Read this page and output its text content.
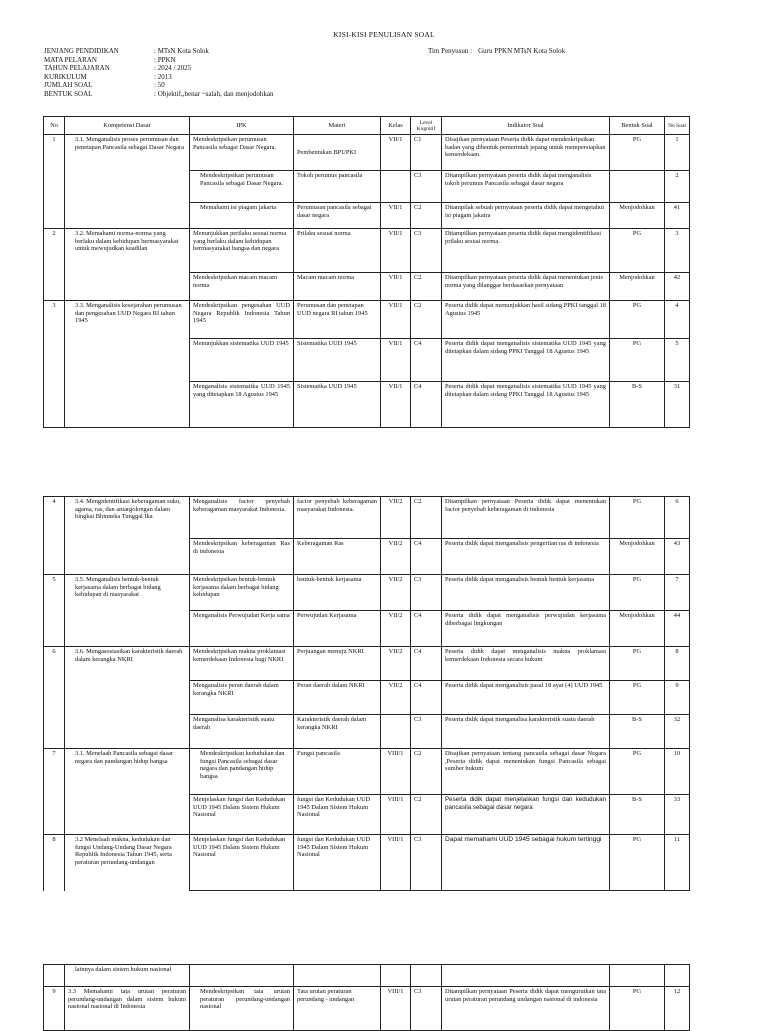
KISI-KISI PENULISAN SOAL
JENJANG PENDIDIKAN	: MTsN Kota Solok
MATA PELARAN	: PPKN
TAHUN PELAJARAN	: 2024 / 2025
KURIKULUM	: 2013
JUMLAH SOAL	: 50
BENTUK SOAL	: Objektif,,benar ~salah, dan menjodohkan
Tim Penyusun : Guru PPKN MTsN Kota Solok
No	Kompetensi Dasar	IPK	Materi	Kelas	Level Kognitif	Indikator Soal	Bentuk Soal	No Soal
1	3.1. Menganalisis proses perumusan dan penetapan Pancasila sebagai Dasar Negara	Mendeskripsikan perumusan Pancasila sebagai Dasar Negara.	Pembentukan BPUPKI	VII/1	C1	Disajikan pernyataan Peserta didik dapat mendeskripsikan badan yang dibentuk pemerintah jepang untuk mempersiapkan kemerdekaan.	PG	1
		Mendeskripsikan perumusan Pancasila sebagai Dasar Negara.	Tokoh perumus pancasila		C3	Ditampilkan pernyataan peserta didik dapat menganalisis tokoh perumus Pancasila sebagai dasar negara		2
		Memahami isi piagam jakarta	Perumusan pancasila sebagai dasar negara	VII/1	C2	Ditampilak sebuah pernyataan peserta didik dapat mengetahui isi piagam jakatra	Menjodohkan	41
2	3.2. Memahami norma-norma yang berlaku dalam kehidupan bermasyarakat untuk mewujudkan keadilan	Menunjukkan perilaku sesuai norma yang berlaku dalam kehidupan bermasyarakat bangsa dan negara	Prilaku sesuai norma	VII/1	C3	Ditampilkan pernyataan peserta didik dapat mengidentifikasi prilaku sesuai norma.	PG	3
		Mendeskripsikan macam macam norma	Macam macam norma	VII/1	C2	Ditampilkan pernyataan peserta didik dapat menentukan jenis norma yang dilanggar berdasarkan pernyataan	Menjodohkan	42
3	3.3. Menganalisis kesejarahan perumusan dan pengesahan UUD Negara RI tahun 1945	Mendeskripsikan pengesahan UUD Negara Republik Indonesia Tahun 1945	Perumusan dan penetapan UUD negara RI tahun 1945	VII/1	C2	Peserta didik dapat menunjukkan hasil sidang PPKI tanggal 18 Agustus 1945	PG	4
		Menunjukkan sistematika UUD 1945	Sistematika UUD 1945	VII/1	C4	Peserta didik dapat menganalisis sistematika UUD 1945 yang ditetapkan dalam sidang PPKI Tanggal 18 Agustus 1945	PG	5
		Menganalisis sistematika UUD 1945 yang ditetapkan 18 Agustus 1945	Sistematika UUD 1945	VII/1	C4	Peserta didik dapat menganalisis sistematika UUD 1945 yang ditetapkan dalam sidang PPKI Tanggal 18 Agustus 1945	B-S	31
4	3.4. Mengidentifikasi keberagaman suku, agama, ras, dan antargolongan dalam bingkai Bhinneka Tunggal Ika	Menganalisis factor penyebab keberagaman masyarakat Indonesia.	factor penyebab keberagaman masyarakat Indonesia.	VII/2	C2	Ditampilkan pernyataan Peserta didik dapat menentukan factor penyebab keberagaman di indonesia	PG	6
		Mendeskripsikan keberagaman Ras di indonesia	Keberagaman Ras	VII/2	C4	Peserta didik dapat menganalisis pengertian ras di indonesia	Menjodohkan	43
5	3.5. Menganalisis bentuk-bentuk kerjasama dalam berbagai bidang kehidupan di masyarakat	Mendeskripsikan bentuk-bentuk kerjasama dalam berbagai bidang kehidupan	bentuk-bentuk kerjasama	VII/2	C3	Peserta didik dapat menganalisis bentuk bentuk kerjasama	PG	7
		Menganalisis Perwujudan Kerja sama	Perwujudan Kerjasama	VII/2	C4	Peserta didik dapat menganalisis perwujudan kerjasama diberbagai lingkungan	Menjodohkan	44
6	3.6. Mengasosiasikan karakteristik daerah dalam kerangka NKRI	Mendeskripsikan makna proklamasi kemerdekaan Indonesia bagi NKRI	Perjuangan menuju NKRI	VII/2	C4	Peserta didik dapat menganalisis makna proklamasi kemerdekaan Indonesia secara hukum	PG	8
		Menganalisis peran daerah dalam kerangka NKRI	Peran daerah dalam NKRI	VII/2	C4	Peserta didik dapat menganalisis pasal 18 ayat (4) UUD 1945	PG	9
		Menganalisa karakteristik suatu daerah	Karakteristik daerah dalam kerangka NKRI		C3	Peserta didik dapat menganalisa karakteristik suatu daerah	B-S	32
7	3.1. Menelaah Pancasila sebagai dasar negara dan pandangan hidup bangsa	Mendeskripsikan kedudukan dan fungsi Pancasila sebagai dasar negara dan pandangan hidup bangsa	Fungsi pancasila	VIII/1	C2	Disajikan pernyataan tentang pancasila sebagai dasar Negara ,Peserta didik dapat menentukan fungsi Pancasila sebagai sumber hukum	PG	10
		Menjelaskan fungsi dan Kedudukan UUD 1945 Dalam Sistem Hukum Nasional	fungsi dan Kedudukan UUD 1945 Dalam Sistem Hukum Nasional	VIII/1	C2	Peserta didik dapat menjelaskan fungsi dan kedudukan pancasila sebagai dasar negara	B-S	33
8	3.2 Menelaah makna, kedudukan dan fungsi Undang-Undang Dasar Negara Republik Indonesia Tahun 1945, serta peraturan perundang-undangan	Menjelaskan fungsi dan Kedudukan UUD 1945 Dalam Sistem Hukum Nasional	fungsi dan Kedudukan UUD 1945 Dalam Sistem Hukum Nasional	VIII/1	C3	Dapat memahami UUD 1945 sebagai hukum tertinggi	PG	11
	lainnya dalam sistem hukum nasional							
9	3.3 Memahami tata urutan peraturan perundang-undangan dalam sistem hukum nasional nasional di Indonesia	Mendeskripsikan tata urutan peraturan perundang-undangan nasional	Tata urutan peraturan perundang - undangan	VIII/1	C3	Ditampilkan pernyataan Peserta didik dapat mengurutkan tata urutan peraturan perundang undangan nasional di indonesia	PG	12
